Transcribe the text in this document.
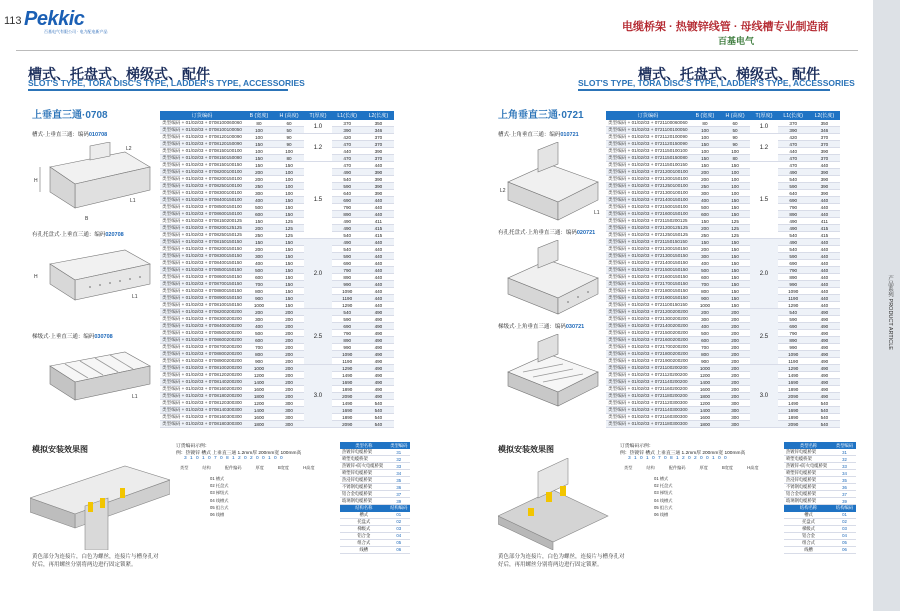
113 Pekkic
百基电气有限公司 · 电力配电新产品	电缆桥架 · 热镀锌线管 · 母线槽专业制造商
百基电气
槽式、托盘式、梯级式、配件
SLOT'S TYPE, TORA DISC'S TYPE, LADDER'S TYPE, ACCESSORIES
槽式、托盘式、梯级式、配件
SLOT'S TYPE, TORA DISC'S TYPE, LADDER'S TYPE, ACCESSORIES
上垂直三通·0708
槽式·上垂直三通：编码010708
H
L1
L2
B
有孔托盘式·上垂直三通：编码020708
L1
H
梯级式·上垂直三通：编码030708
L1
订货编码	B (宽度)	H (高度)	T(厚度)	L1(长度)	L2(长度)
类型编码 + 01/02/03 + 0708100060060	80	60	1.0	370	350
类型编码 + 01/02/03 + 0708100100050	100	50		390	346
类型编码 + 01/02/03 + 0708120100090	100	90	1.2	420	370
类型编码 + 01/02/03 + 0708120150090	150	90		470	370
类型编码 + 01/02/03 + 0708150100100	100	100		440	390
类型编码 + 01/02/03 + 0708150150080	150	80		470	370
类型编码 + 01/02/03 + 0708150100150	150	150	1.5	470	440
类型编码 + 01/02/03 + 0708200100100	200	100		490	390
类型编码 + 01/02/03 + 0708200150100	200	100		540	390
类型编码 + 01/02/03 + 0708250100100	250	100		590	390
类型编码 + 01/02/03 + 0708300100100	300	100		640	390
类型编码 + 01/02/03 + 0708400150100	400	150		690	440
类型编码 + 01/02/03 + 0708500150100	500	150		790	440
类型编码 + 01/02/03 + 0708600150100	600	150		890	440
类型编码 + 01/02/03 + 0708150200125	150	125		490	411
类型编码 + 01/02/03 + 0708200125125	200	125		490	415
类型编码 + 01/02/03 + 0708250150125	250	125		540	415
类型编码 + 01/02/03 + 0708150150150	150	150	2.0	490	440
类型编码 + 01/02/03 + 0708200150150	200	150		540	440
类型编码 + 01/02/03 + 0708300150150	300	150		590	440
类型编码 + 01/02/03 + 0708400150150	400	150		690	440
类型编码 + 01/02/03 + 0708500150150	500	150		790	440
类型编码 + 01/02/03 + 0708600150150	600	150		890	440
类型编码 + 01/02/03 + 0708700150150	700	150		990	440
类型编码 + 01/02/03 + 0708800150150	800	150		1090	440
类型编码 + 01/02/03 + 0708900150150	900	150		1190	440
类型编码 + 01/02/03 + 0708100150150	1000	150		1290	440
类型编码 + 01/02/03 + 0708200200200	200	200	2.5	540	490
类型编码 + 01/02/03 + 0708300200200	300	200		590	490
类型编码 + 01/02/03 + 0708400200200	400	200		690	490
类型编码 + 01/02/03 + 0708500200200	500	200		790	490
类型编码 + 01/02/03 + 0708600200200	600	200		890	490
类型编码 + 01/02/03 + 0708700200200	700	200		990	490
类型编码 + 01/02/03 + 0708800200200	800	200		1090	490
类型编码 + 01/02/03 + 0708900200200	900	200		1190	490
类型编码 + 01/02/03 + 0708100200200	1000	200	3.0	1290	490
类型编码 + 01/02/03 + 0708120200200	1200	200		1490	490
类型编码 + 01/02/03 + 0708140200200	1400	200		1690	490
类型编码 + 01/02/03 + 0708160200200	1600	200		1890	490
类型编码 + 01/02/03 + 0708180200200	1800	200		2090	490
类型编码 + 01/02/03 + 0708120300300	1200	300		1490	540
类型编码 + 01/02/03 + 0708140300300	1400	300		1690	540
类型编码 + 01/02/03 + 0708160300300	1600	300		1890	540
类型编码 + 01/02/03 + 0708180300300	1800	300		2090	540
模拟安装效果图
黄色部分为连接片，白色为螺丝，连接片与槽身孔对好后，再用螺丝分别将两边进行固定锁紧。
订货编码示例：
例：热镀锌 槽式 上垂直三通 1.2mm厚 200mm宽 100mm高
3 1 0 1 0 7 0 8 1 2 0 2 0 0 1 0 0
类型	结构	配件编码	厚度	B宽度	H高度
01 槽式
02 托盘式
03 梯级式
04 线槽式
05 组合式
06 线槽
类型名称	类型编码
热镀锌电缆桥架	31
喷塑电缆桥架	32
热镀锌+防火电缆桥架	33
喷塑锌电缆桥架	34
热浸锌电缆桥架	35
不锈钢电缆桥架	36
铝合金电缆桥架	37
玻璃钢电缆桥架	39
结构名称	结构编码
槽式	01
托盘式	02
梯级式	03
铝合金	04
组合式	05
线槽	06
上角垂直三通·0721
槽式·上角垂直三通：编码010721
L2
L1
有孔托盘式·上角垂直三通：编码020721
梯级式·上角垂直三通：编码030721
订货编码	B (宽度)	H (高度)	T(厚度)	L1(长度)	L2(长度)
类型编码 + 01/02/03 + 0721100060060	80	60	1.0	370	350
类型编码 + 01/02/03 + 0721100100050	100	50		390	346
类型编码 + 01/02/03 + 0721120100090	100	90	1.2	420	370
类型编码 + 01/02/03 + 0721120150090	150	90		470	370
类型编码 + 01/02/03 + 0721150100100	100	100		440	390
类型编码 + 01/02/03 + 0721150150080	150	80		470	370
类型编码 + 01/02/03 + 0721150100150	150	150	1.5	470	440
类型编码 + 01/02/03 + 0721200100100	200	100		490	390
类型编码 + 01/02/03 + 0721200150100	200	100		540	390
类型编码 + 01/02/03 + 0721250100100	250	100		590	390
类型编码 + 01/02/03 + 0721300100100	300	100		640	390
类型编码 + 01/02/03 + 0721400150100	400	150		690	440
类型编码 + 01/02/03 + 0721500150100	500	150		790	440
类型编码 + 01/02/03 + 0721600150100	600	150		890	440
类型编码 + 01/02/03 + 0721150200125	150	125		490	411
类型编码 + 01/02/03 + 0721200125125	200	125		490	415
类型编码 + 01/02/03 + 0721250150125	250	125		540	415
类型编码 + 01/02/03 + 0721150150150	150	150	2.0	490	440
类型编码 + 01/02/03 + 0721200150150	200	150		540	440
类型编码 + 01/02/03 + 0721300150150	300	150		590	440
类型编码 + 01/02/03 + 0721400150150	400	150		690	440
类型编码 + 01/02/03 + 0721500150150	500	150		790	440
类型编码 + 01/02/03 + 0721600150150	600	150		890	440
类型编码 + 01/02/03 + 0721700150150	700	150		990	440
类型编码 + 01/02/03 + 0721800150150	800	150		1090	440
类型编码 + 01/02/03 + 0721900150150	900	150		1190	440
类型编码 + 01/02/03 + 0721100150150	1000	150		1290	440
类型编码 + 01/02/03 + 0721200200200	200	200	2.5	540	490
类型编码 + 01/02/03 + 0721300200200	300	200		590	490
类型编码 + 01/02/03 + 0721400200200	400	200		690	490
类型编码 + 01/02/03 + 0721500200200	500	200		790	490
类型编码 + 01/02/03 + 0721600200200	600	200		890	490
类型编码 + 01/02/03 + 0721700200200	700	200		990	490
类型编码 + 01/02/03 + 0721800200200	800	200		1090	490
类型编码 + 01/02/03 + 0721900200200	900	200		1190	490
类型编码 + 01/02/03 + 0721100200200	1000	200	3.0	1290	490
类型编码 + 01/02/03 + 0721120200200	1200	200		1490	490
类型编码 + 01/02/03 + 0721140200200	1400	200		1690	490
类型编码 + 01/02/03 + 0721160200200	1600	200		1890	490
类型编码 + 01/02/03 + 0721180200200	1800	200		2090	490
类型编码 + 01/02/03 + 0721120300300	1200	300		1490	540
类型编码 + 01/02/03 + 0721140300300	1400	300		1690	540
类型编码 + 01/02/03 + 0721160300300	1600	300		1890	540
类型编码 + 01/02/03 + 0721180300300	1800	300		2090	540
模拟安装效果图
黄色部分为连接片，白色为螺丝，连接片与槽身孔对好后，再用螺丝分别将两边进行固定锁紧。
订货编码示例：
例：热镀锌 槽式 上垂直三通 1.2mm厚 200mm宽 100mm高
3 1 0 1 0 7 0 8 1 2 0 2 0 0 1 0 0
类型	结构	配件编码	厚度	B宽度	H高度
01 槽式
02 托盘式
03 梯级式
04 线槽式
05 组合式
06 线槽
类型名称	类型编码
热镀锌电缆桥架	31
喷塑电缆桥架	32
热镀锌+防火电缆桥架	33
喷塑锌电缆桥架	34
热浸锌电缆桥架	35
不锈钢电缆桥架	36
铝合金电缆桥架	37
玻璃钢电缆桥架	39
结构名称	结构编码
槽式	01
托盘式	02
梯级式	03
铝合金	04
组合式	05
线槽	06
产品系列 PRODUCT ARTICLE
